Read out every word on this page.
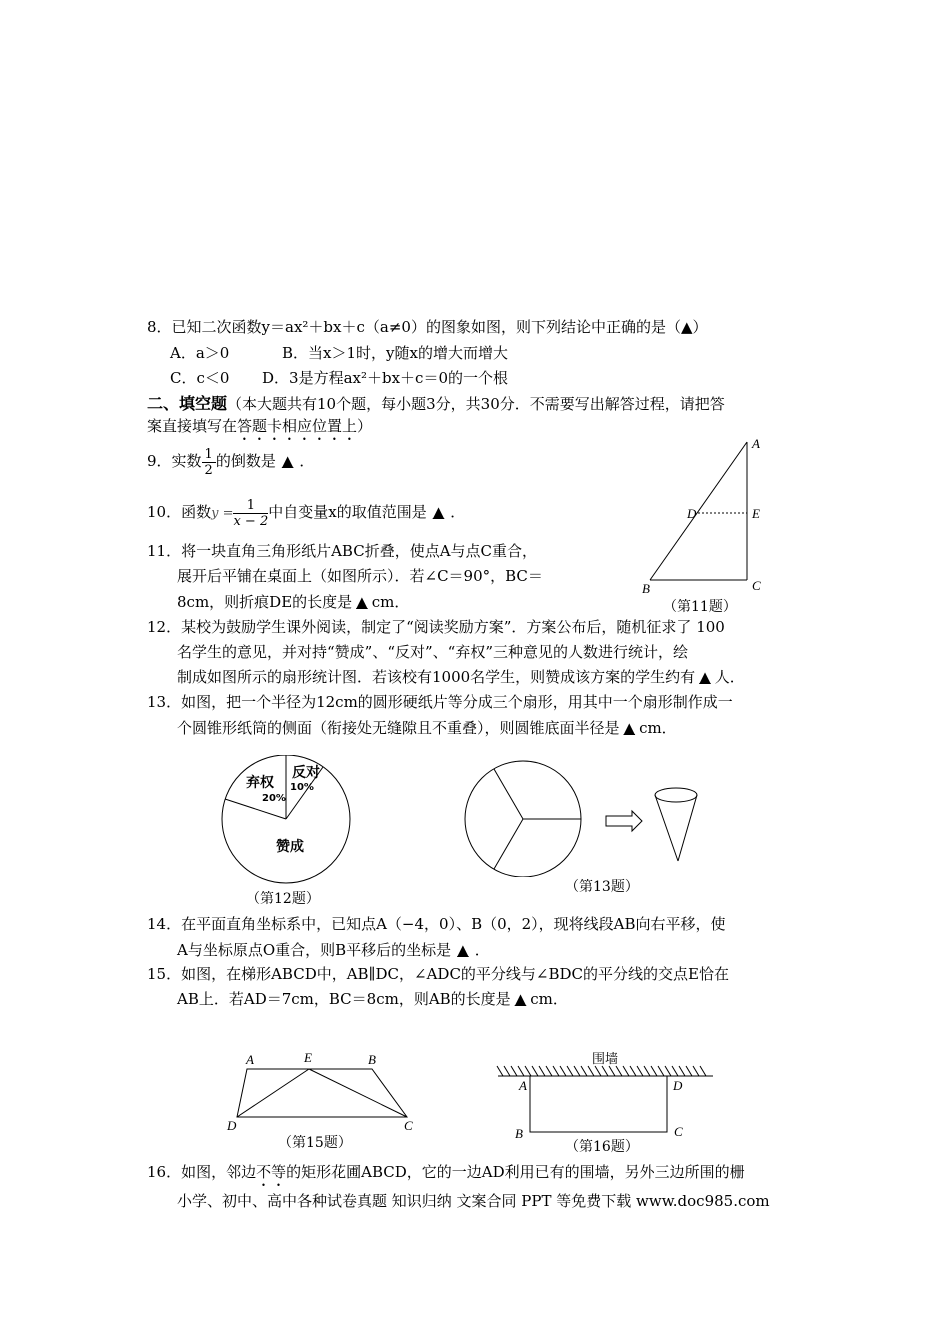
8．已知二次函数y＝ax²＋bx＋c（a≠0）的图象如图，则下列结论中正确的是（▲）
A．a＞0	B．当x＞1时，y随x的增大而增大
C．c＜0 D．3是方程ax²＋bx＋c＝0的一个根
二、填空题（本大题共有10个题，每小题3分，共30分．不需要写出解答过程，请把答
案直接填写在答题卡相应位置上）
9．实数 $\frac{1}{2}$ 的倒数是 ▲ ．
10．函数$y = \frac{1}{x - 2}$ 中自变量x的取值范围是 ▲ ．
A
E
D
B	C
（第11题）
11．将一块直角三角形纸片ABC折叠，使点A与点C重合，
展开后平铺在桌面上（如图所示）．若∠C＝90°，BC＝
8cm，则折痕DE的长度是 ▲ cm．
12．某校为鼓励学生课外阅读，制定了“阅读奖励方案”．方案公布后，随机征求了 100
名学生的意见，并对持“赞成”、“反对”、“弃权”三种意见的人数进行统计，绘
制成如图所示的扇形统计图．若该校有1000名学生，则赞成该方案的学生约有 ▲ 人．
13．如图，把一个半径为12cm的圆形硬纸片等分成三个扇形，用其中一个扇形制作成一
个圆锥形纸筒的侧面（衔接处无缝隙且不重叠），则圆锥底面半径是 ▲ cm．
弃权
20%
反对
10%
赞成
（第12题）
（第13题）
14．在平面直角坐标系中，已知点A（−4，0）、B（0，2），现将线段AB向右平移，使
A与坐标原点O重合，则B平移后的坐标是 ▲ ．
15．如图，在梯形ABCD中，AB∥DC，∠ADC的平分线与∠BDC的平分线的交点E恰在
AB上．若AD＝7cm，BC＝8cm，则AB的长度是 ▲ cm．
A	E	B
D	C
（第15题）
围墙
A	D
B	C
（第16题）
16．如图，邻边不等的矩形花圃ABCD，它的一边AD利用已有的围墙，另外三边所围的栅
小学、初中、高中各种试卷真题 知识归纳 文案合同 PPT 等免费下载 www.doc985.com
